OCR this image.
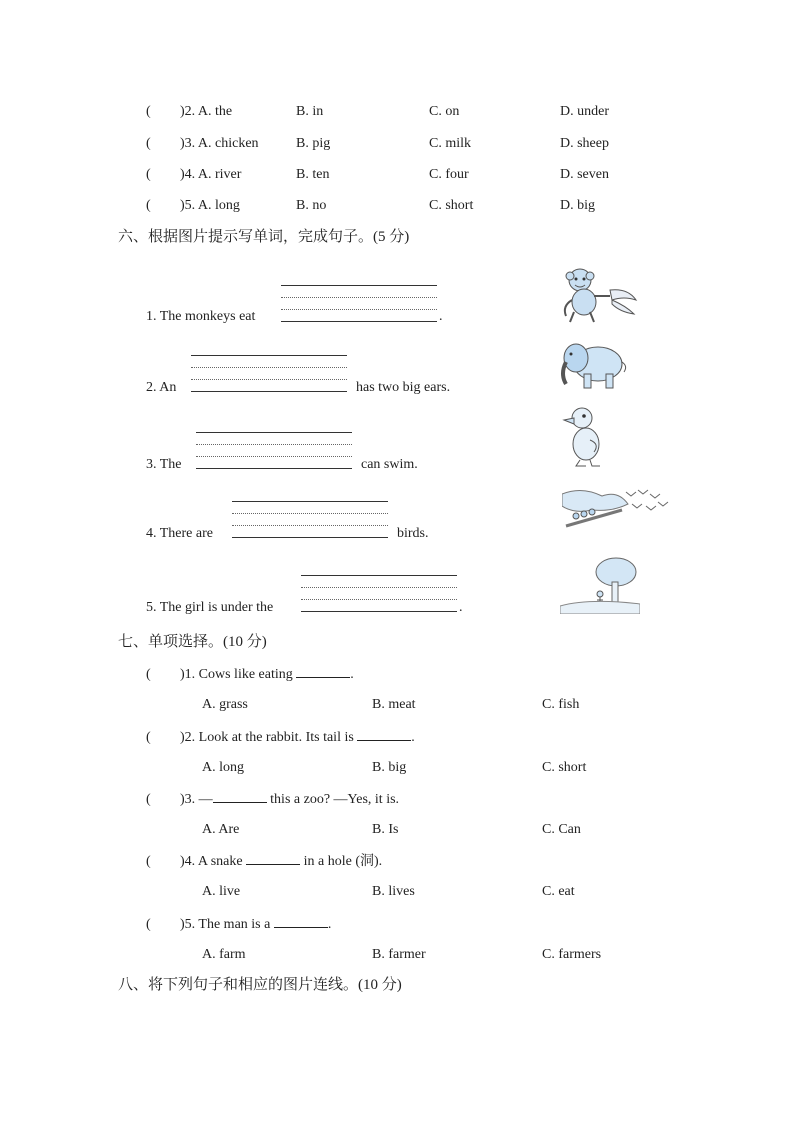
( )2. A. the	B. in	C. on	D. under
( )3. A. chicken	B. pig	C. milk	D. sheep
( )4. A. river	B. ten	C. four	D. seven
( )5. A. long	B. no	C. short	D. big
六、根据图片提示写单词，完成句子。(5 分)
1. The monkeys eat	.
2. An	has two big ears.
3. The	can swim.
4. There are	birds.
5. The girl is under the	.
七、单项选择。(10 分)
( )1. Cows like eating	.
A. grass	B. meat	C. fish
( )2. Look at the rabbit. Its tail is	.
A. long	B. big	C. short
( )3. —	this a zoo? —Yes, it is.
A. Are	B. Is	C. Can
( )4. A snake	in a hole (洞).
A. live	B. lives	C. eat
( )5. The man is a	.
A. farm	B. farmer	C. farmers
八、将下列句子和相应的图片连线。(10 分)
